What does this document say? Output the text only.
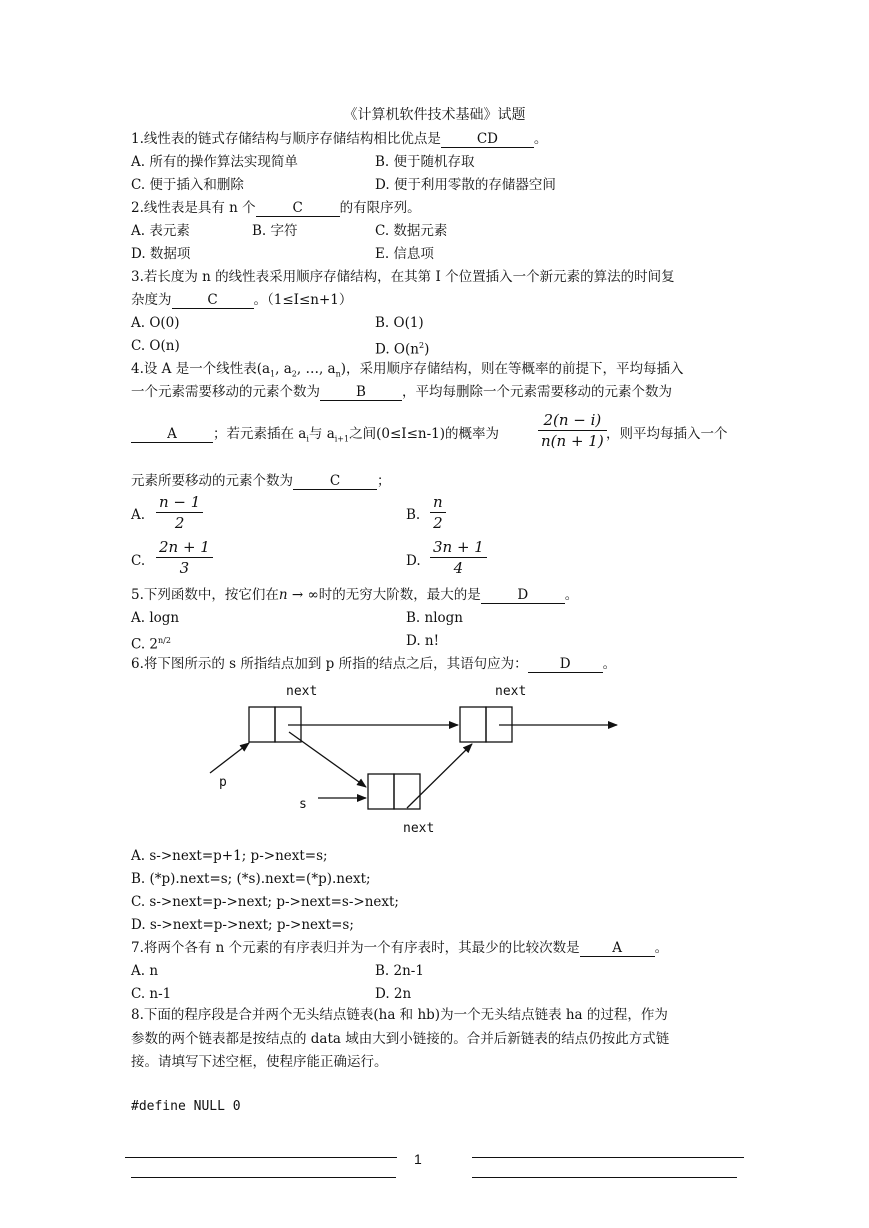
《计算机软件技术基础》试题
1.线性表的链式存储结构与顺序存储结构相比优点是	CD	。
A. 所有的操作算法实现简单	B. 便于随机存取
C. 便于插入和删除	D. 便于利用零散的存储器空间
2.线性表是具有 n 个	C	的有限序列。
A. 表元素	B. 字符	C. 数据元素
D. 数据项	E. 信息项
3.若长度为 n 的线性表采用顺序存储结构，在其第 I 个位置插入一个新元素的算法的时间复
杂度为	C	。（1≤I≤n+1）
A. O(0)	B. O(1)
C. O(n)	D. $O(n^2)$
4.设 A 是一个线性表($a_1$, $a_2$, …, $a_n$)，采用顺序存储结构，则在等概率的前提下，平均每插入
一个元素需要移动的元素个数为	B	，平均每删除一个元素需要移动的元素个数为
A	；若元素插在 $a_i$与 $a_{i+1}$之间(0≤I≤n-1)的概率为	$\frac{2(n - i)}{n(n + 1)}$ ，则平均每插入一个
元素所要移动的元素个数为	C	；
A. $\frac{n - 1}{2}$	B. $\frac{n}{2}$
C. $\frac{2n + 1}{3}$	D. $\frac{3n + 1}{4}$
5.下列函数中，按它们在n → ∞时的无穷大阶数，最大的是	D	。
A. logn	B. nlogn
C. $2^{n/2}$	D. n!
6.将下图所示的 s 所指结点加到 p 所指的结点之后，其语句应为： D 。
next	next
next
p
s
A. s->next=p+1; p->next=s;
B. (*p).next=s; (*s).next=(*p).next;
C. s->next=p->next; p->next=s->next;
D. s->next=p->next; p->next=s;
7.将两个各有 n 个元素的有序表归并为一个有序表时，其最少的比较次数是 A 。
A. n	B. 2n-1
C. n-1	D. 2n
8.下面的程序段是合并两个无头结点链表(ha 和 hb)为一个无头结点链表 ha 的过程，作为
参数的两个链表都是按结点的 data 域由大到小链接的。合并后新链表的结点仍按此方式链
接。请填写下述空框，使程序能正确运行。
#define NULL 0
1
